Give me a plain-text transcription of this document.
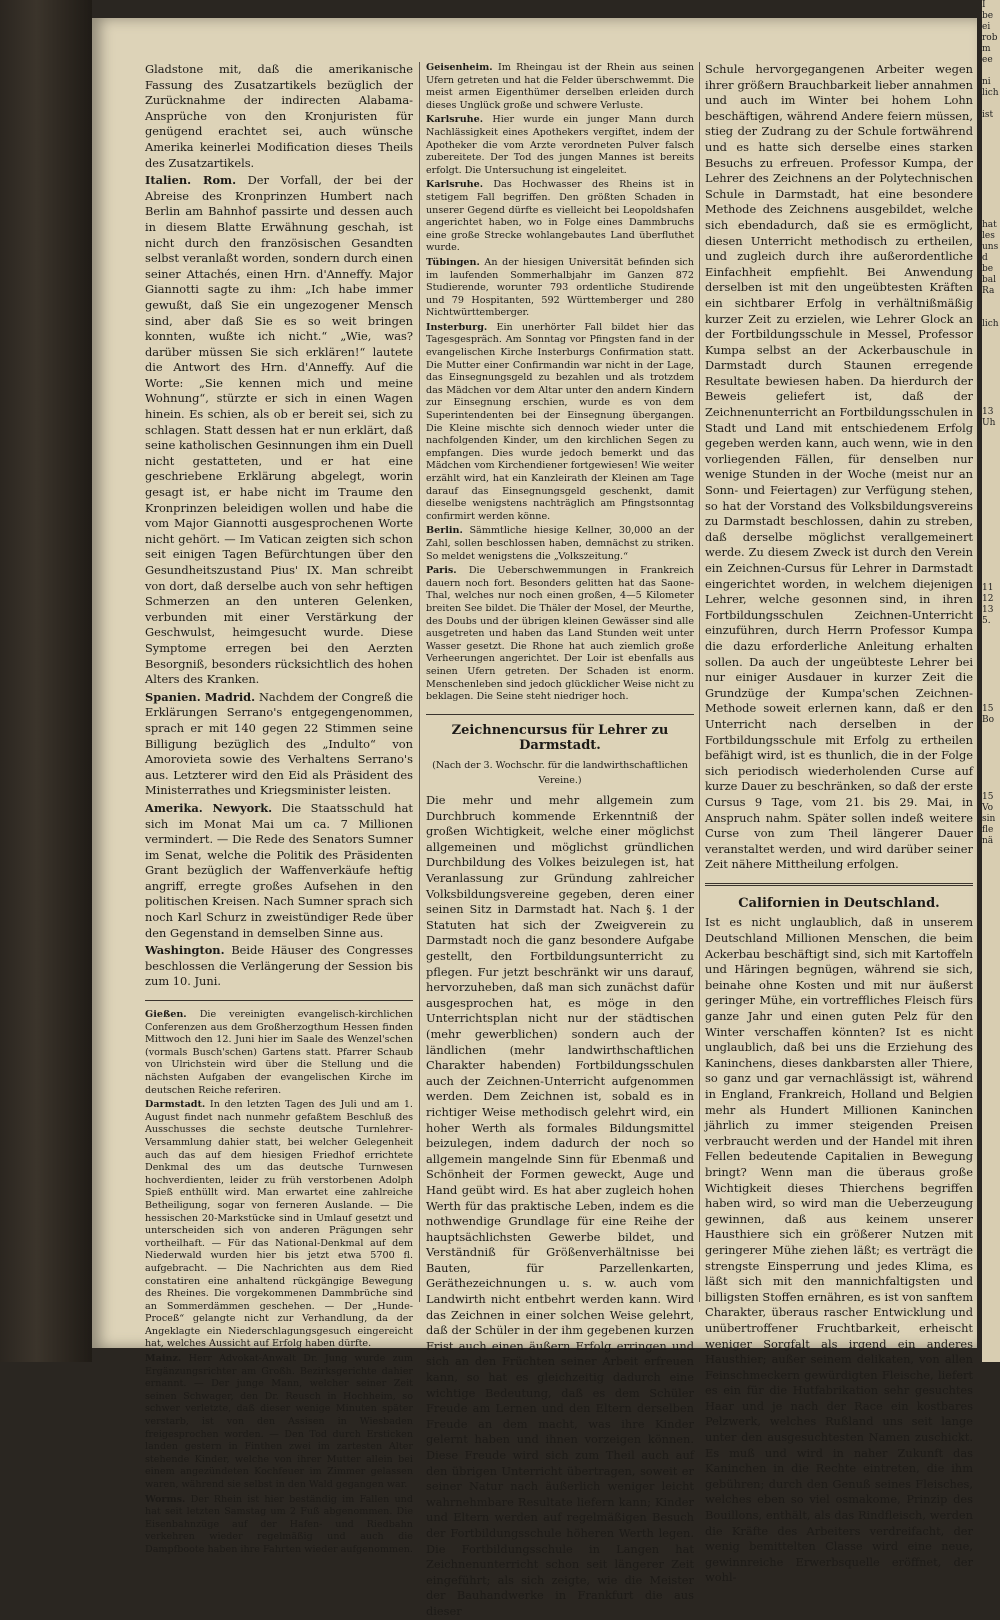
Gladstone mit, daß die amerikanische Fassung des Zusatzartikels bezüglich der Zurücknahme der indirecten Alabama-Ansprüche von den Kronjuristen für genügend erachtet sei, auch wünsche Amerika keinerlei Modification dieses Theils des Zusatzartikels.

Italien. Rom. Der Vorfall, der bei der Abreise des Kronprinzen Humbert nach Berlin am Bahnhof passirte und dessen auch in diesem Blatte Erwähnung geschah, ist nicht durch den französischen Gesandten selbst veranlaßt worden, sondern durch einen seiner Attachés, einen Hrn. d'Anneffy. Major Giannotti sagte zu ihm: „Ich habe immer gewußt, daß Sie ein ungezogener Mensch sind, aber daß Sie es so weit bringen konnten, wußte ich nicht.“ „Wie, was? darüber müssen Sie sich erklären!“ lautete die Antwort des Hrn. d'Anneffy. Auf die Worte: „Sie kennen mich und meine Wohnung“, stürzte er sich in einen Wagen hinein. Es schien, als ob er bereit sei, sich zu schlagen. Statt dessen hat er nun erklärt, daß seine katholischen Gesinnungen ihm ein Duell nicht gestatteten, und er hat eine geschriebene Erklärung abgelegt, worin gesagt ist, er habe nicht im Traume den Kronprinzen beleidigen wollen und habe die vom Major Giannotti ausgesprochenen Worte nicht gehört. — Im Vatican zeigten sich schon seit einigen Tagen Befürchtungen über den Gesundheitszustand Pius' IX. Man schreibt von dort, daß derselbe auch von sehr heftigen Schmerzen an den unteren Gelenken, verbunden mit einer Verstärkung der Geschwulst, heimgesucht wurde. Diese Symptome erregen bei den Aerzten Besorgniß, besonders rücksichtlich des hohen Alters des Kranken.

Spanien. Madrid. Nachdem der Congreß die Erklärungen Serrano's entgegengenommen, sprach er mit 140 gegen 22 Stimmen seine Billigung bezüglich des „Indulto“ von Amorovieta sowie des Verhaltens Serrano's aus. Letzterer wird den Eid als Präsident des Ministerrathes und Kriegsminister leisten.

Amerika. Newyork. Die Staatsschuld hat sich im Monat Mai um ca. 7 Millionen vermindert. — Die Rede des Senators Sumner im Senat, welche die Politik des Präsidenten Grant bezüglich der Waffenverkäufe heftig angriff, erregte großes Aufsehen in den politischen Kreisen. Nach Sumner sprach sich noch Karl Schurz in zweistündiger Rede über den Gegenstand in demselben Sinne aus.

Washington. Beide Häuser des Congresses beschlossen die Verlängerung der Session bis zum 10. Juni.

Gießen. Die vereinigten evangelisch-kirchlichen Conferenzen aus dem Großherzogthum Hessen finden Mittwoch den 12. Juni hier im Saale des Wenzel'schen (vormals Busch'schen) Gartens statt. Pfarrer Schaub von Ulrichstein wird über die Stellung und die nächsten Aufgaben der evangelischen Kirche im deutschen Reiche referiren.

Darmstadt. In den letzten Tagen des Juli und am 1. August findet nach nunmehr gefaßtem Beschluß des Ausschusses die sechste deutsche Turnlehrer-Versammlung dahier statt, bei welcher Gelegenheit auch das auf dem hiesigen Friedhof errichtete Denkmal des um das deutsche Turnwesen hochverdienten, leider zu früh verstorbenen Adolph Spieß enthüllt wird. Man erwartet eine zahlreiche Betheiligung, sogar von ferneren Auslande. — Die hessischen 20-Markstücke sind in Umlauf gesetzt und unterscheiden sich von anderen Prägungen sehr vortheilhaft. — Für das National-Denkmal auf dem Niederwald wurden hier bis jetzt etwa 5700 fl. aufgebracht. — Die Nachrichten aus dem Ried constatiren eine anhaltend rückgängige Bewegung des Rheines. Die vorgekommenen Dammbrüche sind an Sommerdämmen geschehen. — Der „Hunde-Proceß“ gelangte nicht zur Verhandlung, da der Angeklagte ein Niederschlagungsgesuch eingereicht hat, welches Aussicht auf Erfolg haben dürfte.

Mainz. Herr Advokat-Anwalt Dr. Jung wurde zum Ergänzungsrichter am Großh. Bezirksgerichte dahier ernannt. — Der junge Mann, welcher seiner Zeit seinen Schwager, den Dr. Reusch in Hochheim, so schwer verletzte, daß dieser wenige Minuten später verstarb, ist von den Assisen in Wiesbaden freigesprochen worden. — Den Tod durch Ersticken landen gestern in Finthen zwei im zartesten Alter stehende Kinder, welche von ihrer Mutter allein bei einem angezündeten Kochfeuer im Zimmer gelassen waren, während sie selbst in den Wald gegangen war.

Worms. Der Rhein ist hier beständig im Fallen und hat seit letzten Samstag um 2 Fuß abgenommen. Die Eisenbahnzüge auf der Hafen- und Riedbahn verkehren wieder regelmäßig und auch die Dampfboote haben ihre Fahrten wieder aufgenommen.

Geisenheim. Im Rheingau ist der Rhein aus seinen Ufern getreten und hat die Felder überschwemmt. Die meist armen Eigenthümer derselben erleiden durch dieses Unglück große und schwere Verluste.

Karlsruhe. Hier wurde ein junger Mann durch Nachlässigkeit eines Apothekers vergiftet, indem der Apotheker die vom Arzte verordneten Pulver falsch zubereitete. Der Tod des jungen Mannes ist bereits erfolgt. Die Untersuchung ist eingeleitet.

Karlsruhe. Das Hochwasser des Rheins ist in stetigem Fall begriffen. Den größten Schaden in unserer Gegend dürfte es vielleicht bei Leopoldshafen angerichtet haben, wo in Folge eines Dammbruchs eine große Strecke wohlangebautes Land überfluthet wurde.

Tübingen. An der hiesigen Universität befinden sich im laufenden Sommerhalbjahr im Ganzen 872 Studierende, worunter 793 ordentliche Studirende und 79 Hospitanten, 592 Württemberger und 280 Nichtwürttemberger.

Insterburg. Ein unerhörter Fall bildet hier das Tagesgespräch. Am Sonntag vor Pfingsten fand in der evangelischen Kirche Insterburgs Confirmation statt. Die Mutter einer Confirmandin war nicht in der Lage, das Einsegnungsgeld zu bezahlen und als trotzdem das Mädchen vor dem Altar unter den andern Kindern zur Einsegnung erschien, wurde es von dem Superintendenten bei der Einsegnung übergangen. Die Kleine mischte sich dennoch wieder unter die nachfolgenden Kinder, um den kirchlichen Segen zu empfangen. Dies wurde jedoch bemerkt und das Mädchen vom Kirchendiener fortgewiesen! Wie weiter erzählt wird, hat ein Kanzleirath der Kleinen am Tage darauf das Einsegnungsgeld geschenkt, damit dieselbe wenigstens nachträglich am Pfingstsonntag confirmirt werden könne.

Berlin. Sämmtliche hiesige Kellner, 30,000 an der Zahl, sollen beschlossen haben, demnächst zu striken. So meldet wenigstens die „Volkszeitung.“

Paris. Die Ueberschwemmungen in Frankreich dauern noch fort. Besonders gelitten hat das Saone-Thal, welches nur noch einen großen, 4—5 Kilometer breiten See bildet. Die Thäler der Mosel, der Meurthe, des Doubs und der übrigen kleinen Gewässer sind alle ausgetreten und haben das Land Stunden weit unter Wasser gesetzt. Die Rhone hat auch ziemlich große Verheerungen angerichtet. Der Loir ist ebenfalls aus seinen Ufern getreten. Der Schaden ist enorm. Menschenleben sind jedoch glücklicher Weise nicht zu beklagen. Die Seine steht niedriger hoch.

Zeichnencursus für Lehrer zu Darmstadt.
(Nach der 3. Wochschr. für die landwirthschaftlichen Vereine.)

Die mehr und mehr allgemein zum Durchbruch kommende Erkenntniß der großen Wichtigkeit, welche einer möglichst allgemeinen und möglichst gründlichen Durchbildung des Volkes beizulegen ist, hat Veranlassung zur Gründung zahlreicher Volksbildungsvereine gegeben, deren einer seinen Sitz in Darmstadt hat. Nach §. 1 der Statuten hat sich der Zweigverein zu Darmstadt noch die ganz besondere Aufgabe gestellt, den Fortbildungsunterricht zu pflegen. Fur jetzt beschränkt wir uns darauf, hervorzuheben, daß man sich zunächst dafür ausgesprochen hat, es möge in den Unterrichtsplan nicht nur der städtischen (mehr gewerblichen) sondern auch der ländlichen (mehr landwirthschaftlichen Charakter habenden) Fortbildungsschulen auch der Zeichnen-Unterricht aufgenommen werden. Dem Zeichnen ist, sobald es in richtiger Weise methodisch gelehrt wird, ein hoher Werth als formales Bildungsmittel beizulegen, indem dadurch der noch so allgemein mangelnde Sinn für Ebenmaß und Schönheit der Formen geweckt, Auge und Hand geübt wird. Es hat aber zugleich hohen Werth für das praktische Leben, indem es die nothwendige Grundlage für eine Reihe der hauptsächlichsten Gewerbe bildet, und Verständniß für Größenverhältnisse bei Bauten, für Parzellenkarten, Geräthezeichnungen u. s. w. auch vom Landwirth nicht entbehrt werden kann. Wird das Zeichnen in einer solchen Weise gelehrt, daß der Schüler in der ihm gegebenen kurzen Frist auch einen äußern Erfolg erringen und sich an den Früchten seiner Arbeit erfreuen kann, so hat es gleichzeitig dadurch eine wichtige Bedeutung, daß es dem Schüler Freude am Lernen und den Eltern derselben Freude an dem macht, was ihre Kinder gelernt haben und ihnen vorzeigen können. Diese Freude wird sich zum Theil auch auf den übrigen Unterricht übertragen, soweit er seiner Natur nach äußerlich weniger leicht wahrnehmbare Resultate liefern kann; Kinder und Eltern werden auf regelmäßigen Besuch der Fortbildungsschule höheren Werth legen. Die Fortbildungsschule in Langen hat Zeichnenunterricht schon seit längerer Zeit eingeführt; als sich zeigte, wie die Meister der Bauhandwerke in Frankfurt die aus dieser

Schule hervorgegangenen Arbeiter wegen ihrer größern Brauchbarkeit lieber annahmen und auch im Winter bei hohem Lohn beschäftigen, während Andere feiern müssen, stieg der Zudrang zu der Schule fortwährend und es hatte sich derselbe eines starken Besuchs zu erfreuen. Professor Kumpa, der Lehrer des Zeichnens an der Polytechnischen Schule in Darmstadt, hat eine besondere Methode des Zeichnens ausgebildet, welche sich ebendadurch, daß sie es ermöglicht, diesen Unterricht methodisch zu ertheilen, und zugleich durch ihre außerordentliche Einfachheit empfiehlt. Bei Anwendung derselben ist mit den ungeübtesten Kräften ein sichtbarer Erfolg in verhältnißmäßig kurzer Zeit zu erzielen, wie Lehrer Glock an der Fortbildungsschule in Messel, Professor Kumpa selbst an der Ackerbauschule in Darmstadt durch Staunen erregende Resultate bewiesen haben. Da hierdurch der Beweis geliefert ist, daß der Zeichnenunterricht an Fortbildungsschulen in Stadt und Land mit entschiedenem Erfolg gegeben werden kann, auch wenn, wie in den vorliegenden Fällen, für denselben nur wenige Stunden in der Woche (meist nur an Sonn- und Feiertagen) zur Verfügung stehen, so hat der Vorstand des Volksbildungsvereins zu Darmstadt beschlossen, dahin zu streben, daß derselbe möglichst verallgemeinert werde. Zu diesem Zweck ist durch den Verein ein Zeichnen-Cursus für Lehrer in Darmstadt eingerichtet worden, in welchem diejenigen Lehrer, welche gesonnen sind, in ihren Fortbildungsschulen Zeichnen-Unterricht einzuführen, durch Herrn Professor Kumpa die dazu erforderliche Anleitung erhalten sollen. Da auch der ungeübteste Lehrer bei nur einiger Ausdauer in kurzer Zeit die Grundzüge der Kumpa'schen Zeichnen-Methode soweit erlernen kann, daß er den Unterricht nach derselben in der Fortbildungsschule mit Erfolg zu ertheilen befähigt wird, ist es thunlich, die in der Folge sich periodisch wiederholenden Curse auf kurze Dauer zu beschränken, so daß der erste Cursus 9 Tage, vom 21. bis 29. Mai, in Anspruch nahm. Später sollen indeß weitere Curse von zum Theil längerer Dauer veranstaltet werden, und wird darüber seiner Zeit nähere Mittheilung erfolgen.

Californien in Deutschland.

Ist es nicht unglaublich, daß in unserem Deutschland Millionen Menschen, die beim Ackerbau beschäftigt sind, sich mit Kartoffeln und Häringen begnügen, während sie sich, beinahe ohne Kosten und mit nur äußerst geringer Mühe, ein vortreffliches Fleisch fürs ganze Jahr und einen guten Pelz für den Winter verschaffen könnten? Ist es nicht unglaublich, daß bei uns die Erziehung des Kaninchens, dieses dankbarsten aller Thiere, so ganz und gar vernachlässigt ist, während in England, Frankreich, Holland und Belgien mehr als Hundert Millionen Kaninchen jährlich zu immer steigenden Preisen verbraucht werden und der Handel mit ihren Fellen bedeutende Capitalien in Bewegung bringt? Wenn man die überaus große Wichtigkeit dieses Thierchens begriffen haben wird, so wird man die Ueberzeugung gewinnen, daß aus keinem unserer Hausthiere sich ein größerer Nutzen mit geringerer Mühe ziehen läßt; es verträgt die strengste Einsperrung und jedes Klima, es läßt sich mit den mannichfaltigsten und billigsten Stoffen ernähren, es ist von sanftem Charakter, überaus rascher Entwicklung und unübertroffener Fruchtbarkeit, erheischt weniger Sorgfalt als irgend ein anderes Hausthier; außer seinem delikaten, von allen Feinschmeckern gewürdigten Fleische, liefert es ein für die Hutfabrikation sehr gesuchtes Haar und je nach der Race ein kostbares Pelzwerk, welches Rußland uns seit lange unter den ausgesuchtesten Namen zuschickt. Es muß und wird in naher Zukunft das Kaninchen in die Rechte eintreten, die ihm gebühren; durch den Genuß seines Fleisches, welches eben so viel osmakome, Prinzip des Bouillons, enthält, als das Rindfleisch, werden die Kräfte des Arbeiters verdreifacht, der wenig bemittelten Classe wird eine neue, gewinnreiche Erwerbsquelle eröffnet, der wohl-

I
be
ei
rob
m
ee

ni
lich

ist

hat
les
uns
d
be
bal
Ra

lich

13
Uh

11
12
13
5.

15
Bo

15
Vo
sin
fle
nä
